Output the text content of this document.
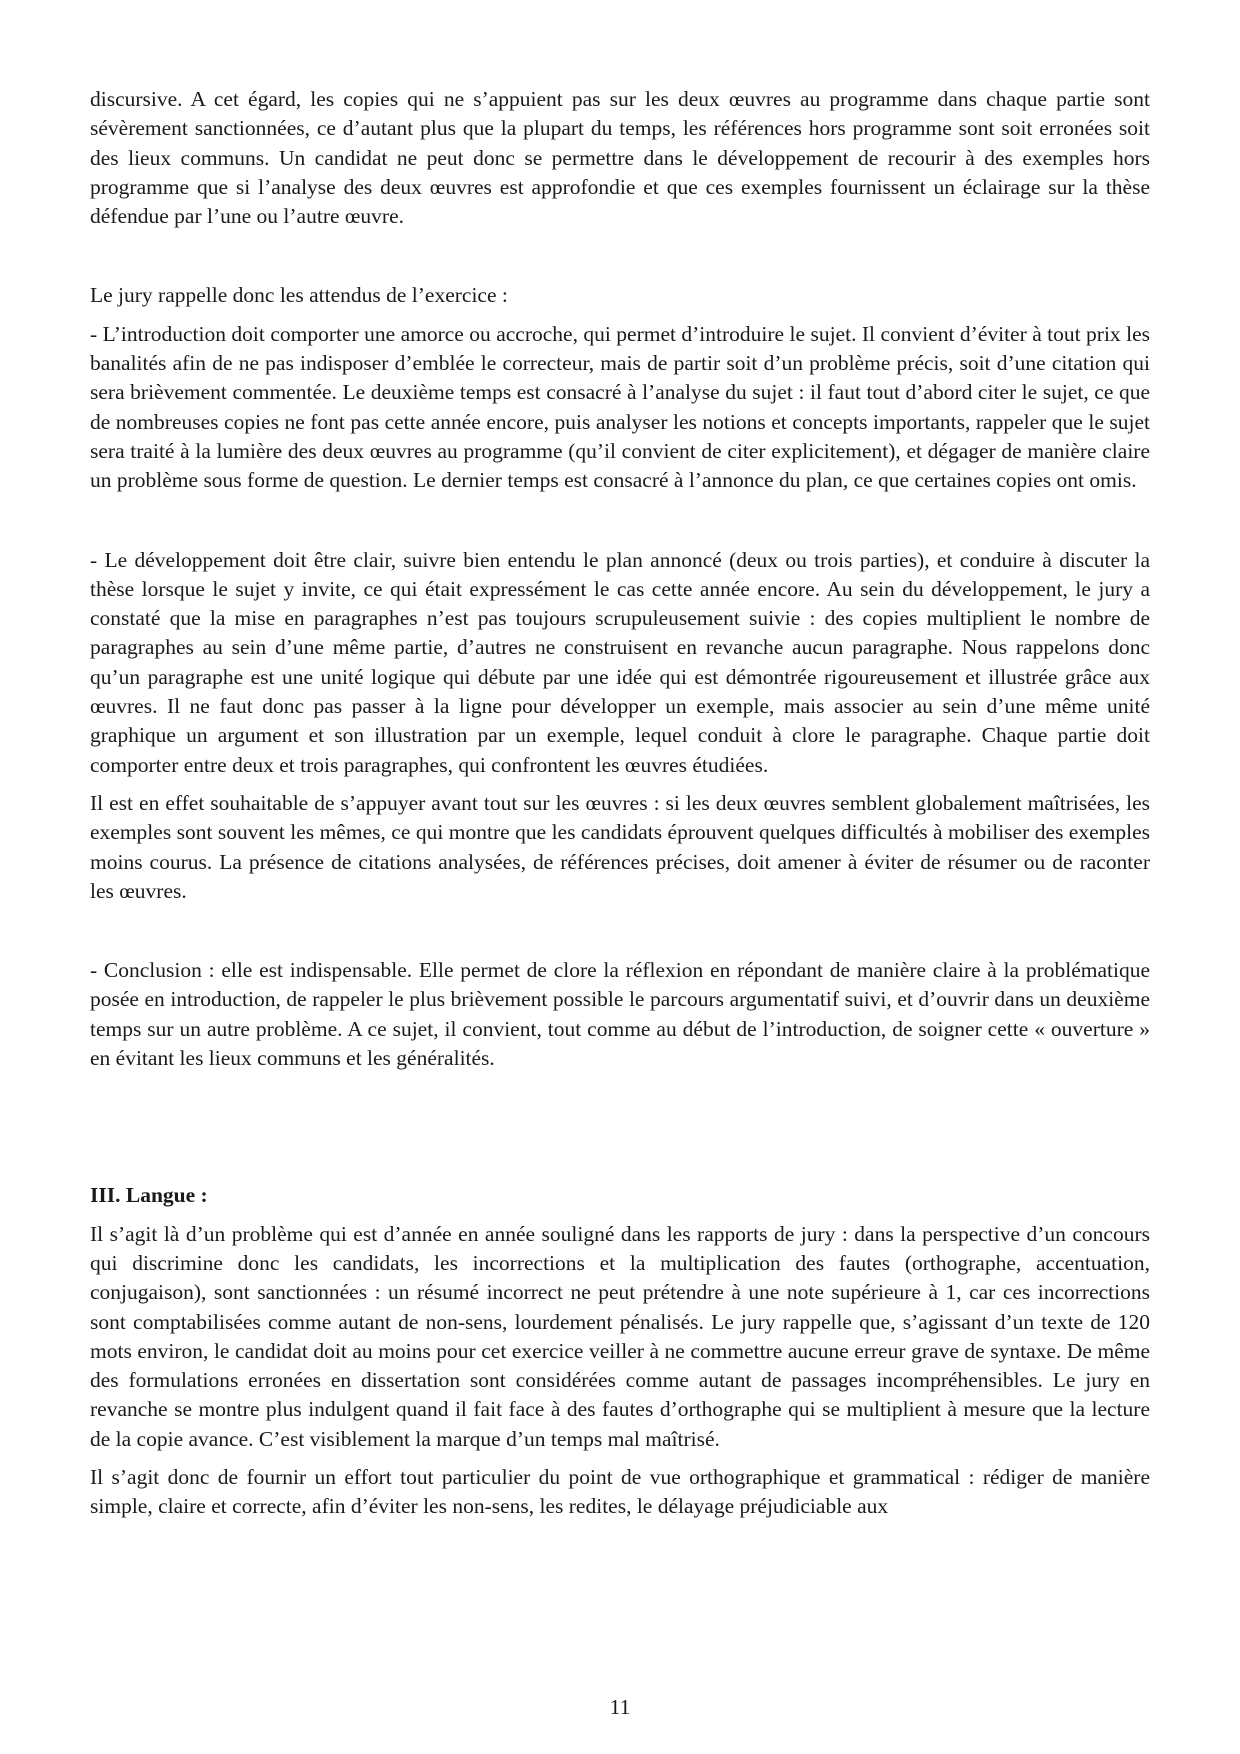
discursive. A cet égard, les copies qui ne s’appuient pas sur les deux œuvres au programme dans chaque partie sont sévèrement sanctionnées, ce d’autant plus que la plupart du temps, les références hors programme sont soit erronées soit des lieux communs. Un candidat ne peut donc se permettre dans le développement de recourir à des exemples hors programme que si l’analyse des deux œuvres est approfondie et que ces exemples fournissent un éclairage sur la thèse défendue par l’une ou l’autre œuvre.

Le jury rappelle donc les attendus de l’exercice :

- L’introduction doit comporter une amorce ou accroche, qui permet d’introduire le sujet. Il convient d’éviter à tout prix les banalités afin de ne pas indisposer d’emblée le correcteur, mais de partir soit d’un problème précis, soit d’une citation qui sera brièvement commentée. Le deuxième temps est consacré à l’analyse du sujet : il faut tout d’abord citer le sujet, ce que de nombreuses copies ne font pas cette année encore, puis analyser les notions et concepts importants, rappeler que le sujet sera traité à la lumière des deux œuvres au programme (qu’il convient de citer explicitement), et dégager de manière claire un problème sous forme de question. Le dernier temps est consacré à l’annonce du plan, ce que certaines copies ont omis.

- Le développement doit être clair, suivre bien entendu le plan annoncé (deux ou trois parties), et conduire à discuter la thèse lorsque le sujet y invite, ce qui était expressément le cas cette année encore. Au sein du développement, le jury a constaté que la mise en paragraphes n’est pas toujours scrupuleusement suivie : des copies multiplient le nombre de paragraphes au sein d’une même partie, d’autres ne construisent en revanche aucun paragraphe. Nous rappelons donc qu’un paragraphe est une unité logique qui débute par une idée qui est démontrée rigoureusement et illustrée grâce aux œuvres. Il ne faut donc pas passer à la ligne pour développer un exemple, mais associer au sein d’une même unité graphique un argument et son illustration par un exemple, lequel conduit à clore le paragraphe. Chaque partie doit comporter entre deux et trois paragraphes, qui confrontent les œuvres étudiées.

Il est en effet souhaitable de s’appuyer avant tout sur les œuvres : si les deux œuvres semblent globalement maîtrisées, les exemples sont souvent les mêmes, ce qui montre que les candidats éprouvent quelques difficultés à mobiliser des exemples moins courus. La présence de citations analysées, de références précises, doit amener à éviter de résumer ou de raconter les œuvres.

- Conclusion : elle est indispensable. Elle permet de clore la réflexion en répondant de manière claire à la problématique posée en introduction, de rappeler le plus brièvement possible le parcours argumentatif suivi, et d’ouvrir dans un deuxième temps sur un autre problème. A ce sujet, il convient, tout comme au début de l’introduction, de soigner cette « ouverture » en évitant les lieux communs et les généralités.

III. Langue :

Il s’agit là d’un problème qui est d’année en année souligné dans les rapports de jury : dans la perspective d’un concours qui discrimine donc les candidats, les incorrections et la multiplication des fautes (orthographe, accentuation, conjugaison), sont sanctionnées : un résumé incorrect ne peut prétendre à une note supérieure à 1, car ces incorrections sont comptabilisées comme autant de non-sens, lourdement pénalisés. Le jury rappelle que, s’agissant d’un texte de 120 mots environ, le candidat doit au moins pour cet exercice veiller à ne commettre aucune erreur grave de syntaxe. De même des formulations erronées en dissertation sont considérées comme autant de passages incompréhensibles. Le jury en revanche se montre plus indulgent quand il fait face à des fautes d’orthographe qui se multiplient à mesure que la lecture de la copie avance. C’est visiblement la marque d’un temps mal maîtrisé.

Il s’agit donc de fournir un effort tout particulier du point de vue orthographique et grammatical : rédiger de manière simple, claire et correcte, afin d’éviter les non-sens, les redites, le délayage préjudiciable aux

11
